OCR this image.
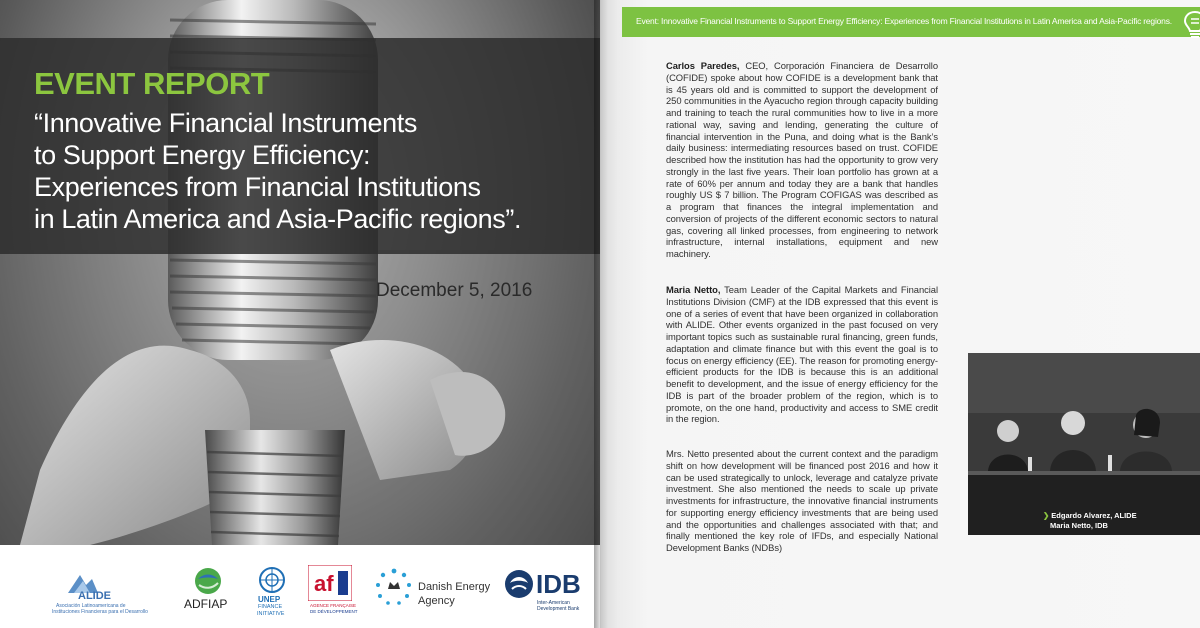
EVENT REPORT
“Innovative Financial Instruments
to Support Energy Efficiency:
Experiences from Financial Institutions
in Latin America and Asia-Pacific regions”.
December 5, 2016
ALIDE
Asociación Latinoamericana de
Instituciones Financieras para el Desarrollo
ADFIAP	UNEP
FINANCE
INITIATIVE
af
AGENCE FRANÇAISE
DE DÉVELOPPEMENT
Danish Energy
Agency
IDB
Inter-American
Development Bank
Event: Innovative Financial Instruments to Support Energy Efficiency: Experiences from Financial Institutions in Latin America and Asia-Pacific regions.

Carlos Paredes, CEO, Corporación Financiera de Desarrollo (COFIDE) spoke about how COFIDE is a development bank that is 45 years old and is committed to support the development of 250 communities in the Ayacucho region through capacity building and training to teach the rural communities how to live in a more rational way, saving and lending, generating the culture of financial intervention in the Puna, and doing what is the Bank’s daily business: intermediating resources based on trust. COFIDE described how the institution has had the opportunity to grow very strongly in the last five years. Their loan portfolio has grown at a rate of 60% per annum and today they are a bank that handles roughly US $ 7 billion. The Program COFIGAS was described as a program that finances the integral implementation and conversion of projects of the different economic sectors to natural gas, covering all linked processes, from engineering to network infrastructure, internal installations, equipment and new machinery.

Maria Netto, Team Leader of the Capital Markets and Financial Institutions Division (CMF) at the IDB expressed that this event is one of a series of event that have been organized in collaboration with ALIDE. Other events organized in the past focused on very important topics such as sustainable rural financing, green funds, adaptation and climate finance but with this event the goal is to focus on energy efficiency (EE). The reason for promoting energy-efficient products for the IDB is because this is an additional benefit to development, and the issue of energy efficiency for the IDB is part of the broader problem of the region, which is to promote, on the one hand, productivity and access to SME credit in the region.

Mrs. Netto presented about the current context and the paradigm shift on how development will be financed post 2016 and how it can be used strategically to unlock, leverage and catalyze private investment. She also mentioned the needs to scale up private investments for infrastructure, the innovative financial instruments for supporting energy efficiency investments that are being used and the opportunities and challenges associated with that; and finally mentioned the key role of IFDs, and especially National Development Banks (NDBs)

❯ Edgardo Alvarez, ALIDE
Maria Netto, IDB
